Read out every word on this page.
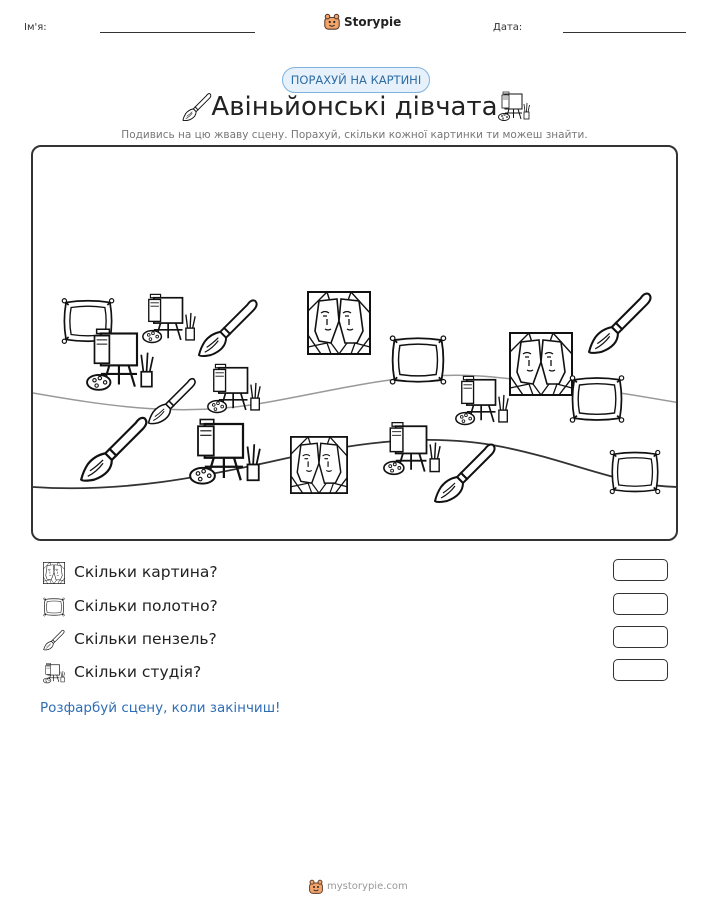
Ім'я:	Storypie	Дата:
ПОРАХУЙ НА КАРТИНІ
Авіньйонські дівчата
Подивись на цю жваву сцену. Порахуй, скільки кожної картинки ти можеш знайти.
Скільки картина?
Скільки полотно?
Скільки пензель?
Скільки студія?
Розфарбуй сцену, коли закінчиш!
mystorypie.com
